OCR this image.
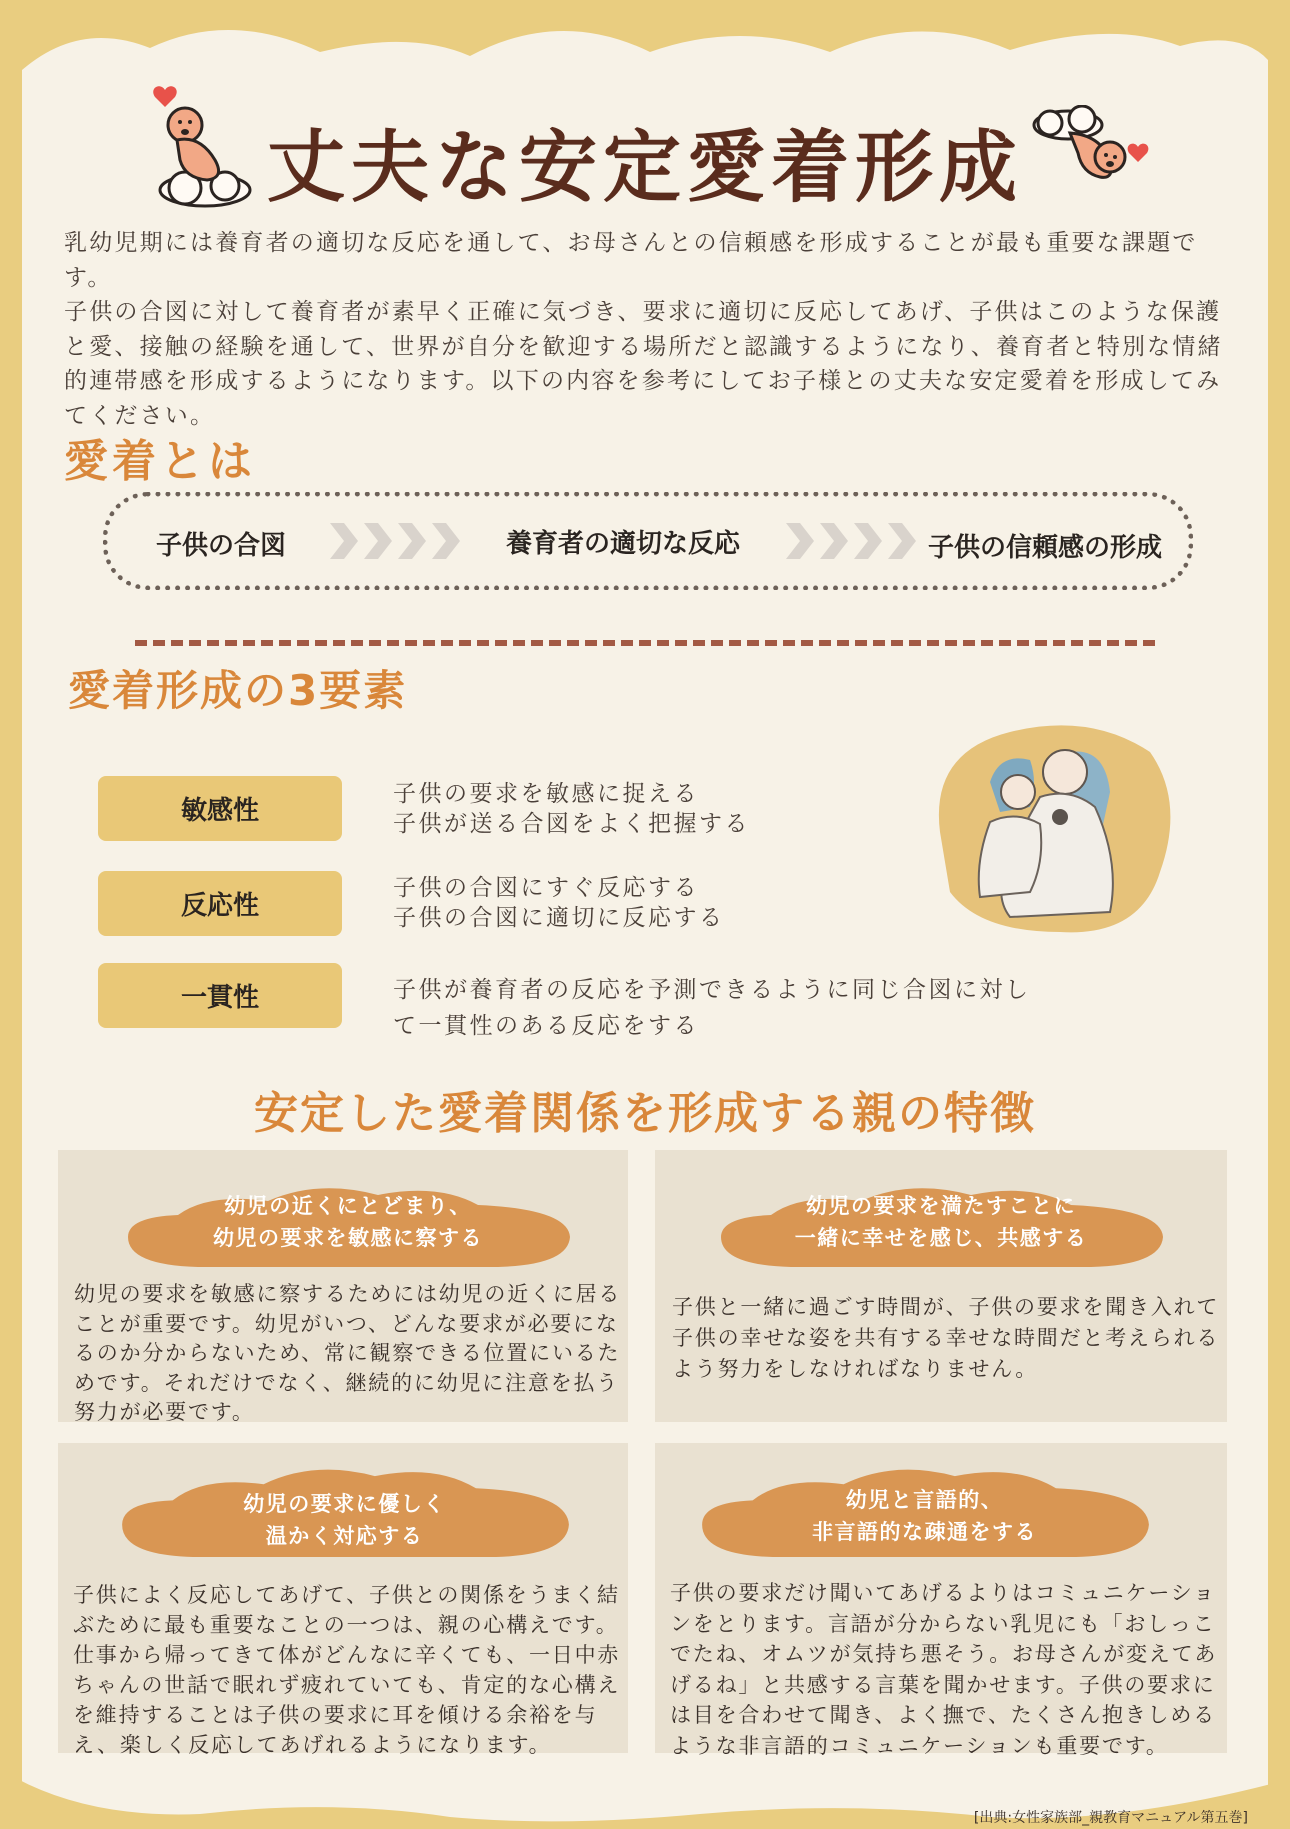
丈夫な安定愛着形成

乳幼児期には養育者の適切な反応を通して、お母さんとの信頼感を形成することが最も重要な課題で

す。

子供の合図に対して養育者が素早く正確に気づき、要求に適切に反応してあげ、子供はこのような保護

と愛、接触の経験を通して、世界が自分を歓迎する場所だと認識するようになり、養育者と特別な情緒

的連帯感を形成するようになります。以下の内容を参考にしてお子様との丈夫な安定愛着を形成してみ

てください。

愛着とは
子供の合図	養育者の適切な反応	子供の信頼感の形成
愛着形成の3要素
敏感性
子供の要求を敏感に捉える
子供が送る合図をよく把握する
反応性
子供の合図にすぐ反応する
子供の合図に適切に反応する
一貫性	子供が養育者の反応を予測できるように同じ合図に対し
て一貫性のある反応をする
安定した愛着関係を形成する親の特徴
幼児の近くにとどまり、
幼児の要求を敏感に察する
幼児の要求を敏感に察するためには幼児の近くに居る
ことが重要です。幼児がいつ、どんな要求が必要にな
るのか分からないため、常に観察できる位置にいるた
めです。それだけでなく、継続的に幼児に注意を払う
努力が必要です。
幼児の要求を満たすことに
一緒に幸せを感じ、共感する
子供と一緒に過ごす時間が、子供の要求を聞き入れて
子供の幸せな姿を共有する幸せな時間だと考えられる
よう努力をしなければなりません。
幼児の要求に優しく
温かく対応する
子供によく反応してあげて、子供との関係をうまく結
ぶために最も重要なことの一つは、親の心構えです。
仕事から帰ってきて体がどんなに辛くても、一日中赤
ちゃんの世話で眠れず疲れていても、肯定的な心構え
を維持することは子供の要求に耳を傾ける余裕を与
え、楽しく反応してあげれるようになります。
幼児と言語的、
非言語的な疎通をする
子供の要求だけ聞いてあげるよりはコミュニケーショ
ンをとります。言語が分からない乳児にも「おしっこ
でたね、オムツが気持ち悪そう。お母さんが変えてあ
げるね」と共感する言葉を聞かせます。子供の要求に
は目を合わせて聞き、よく撫で、たくさん抱きしめる
ような非言語的コミュニケーションも重要です。
[出典:女性家族部_親教育マニュアル第五巻]
